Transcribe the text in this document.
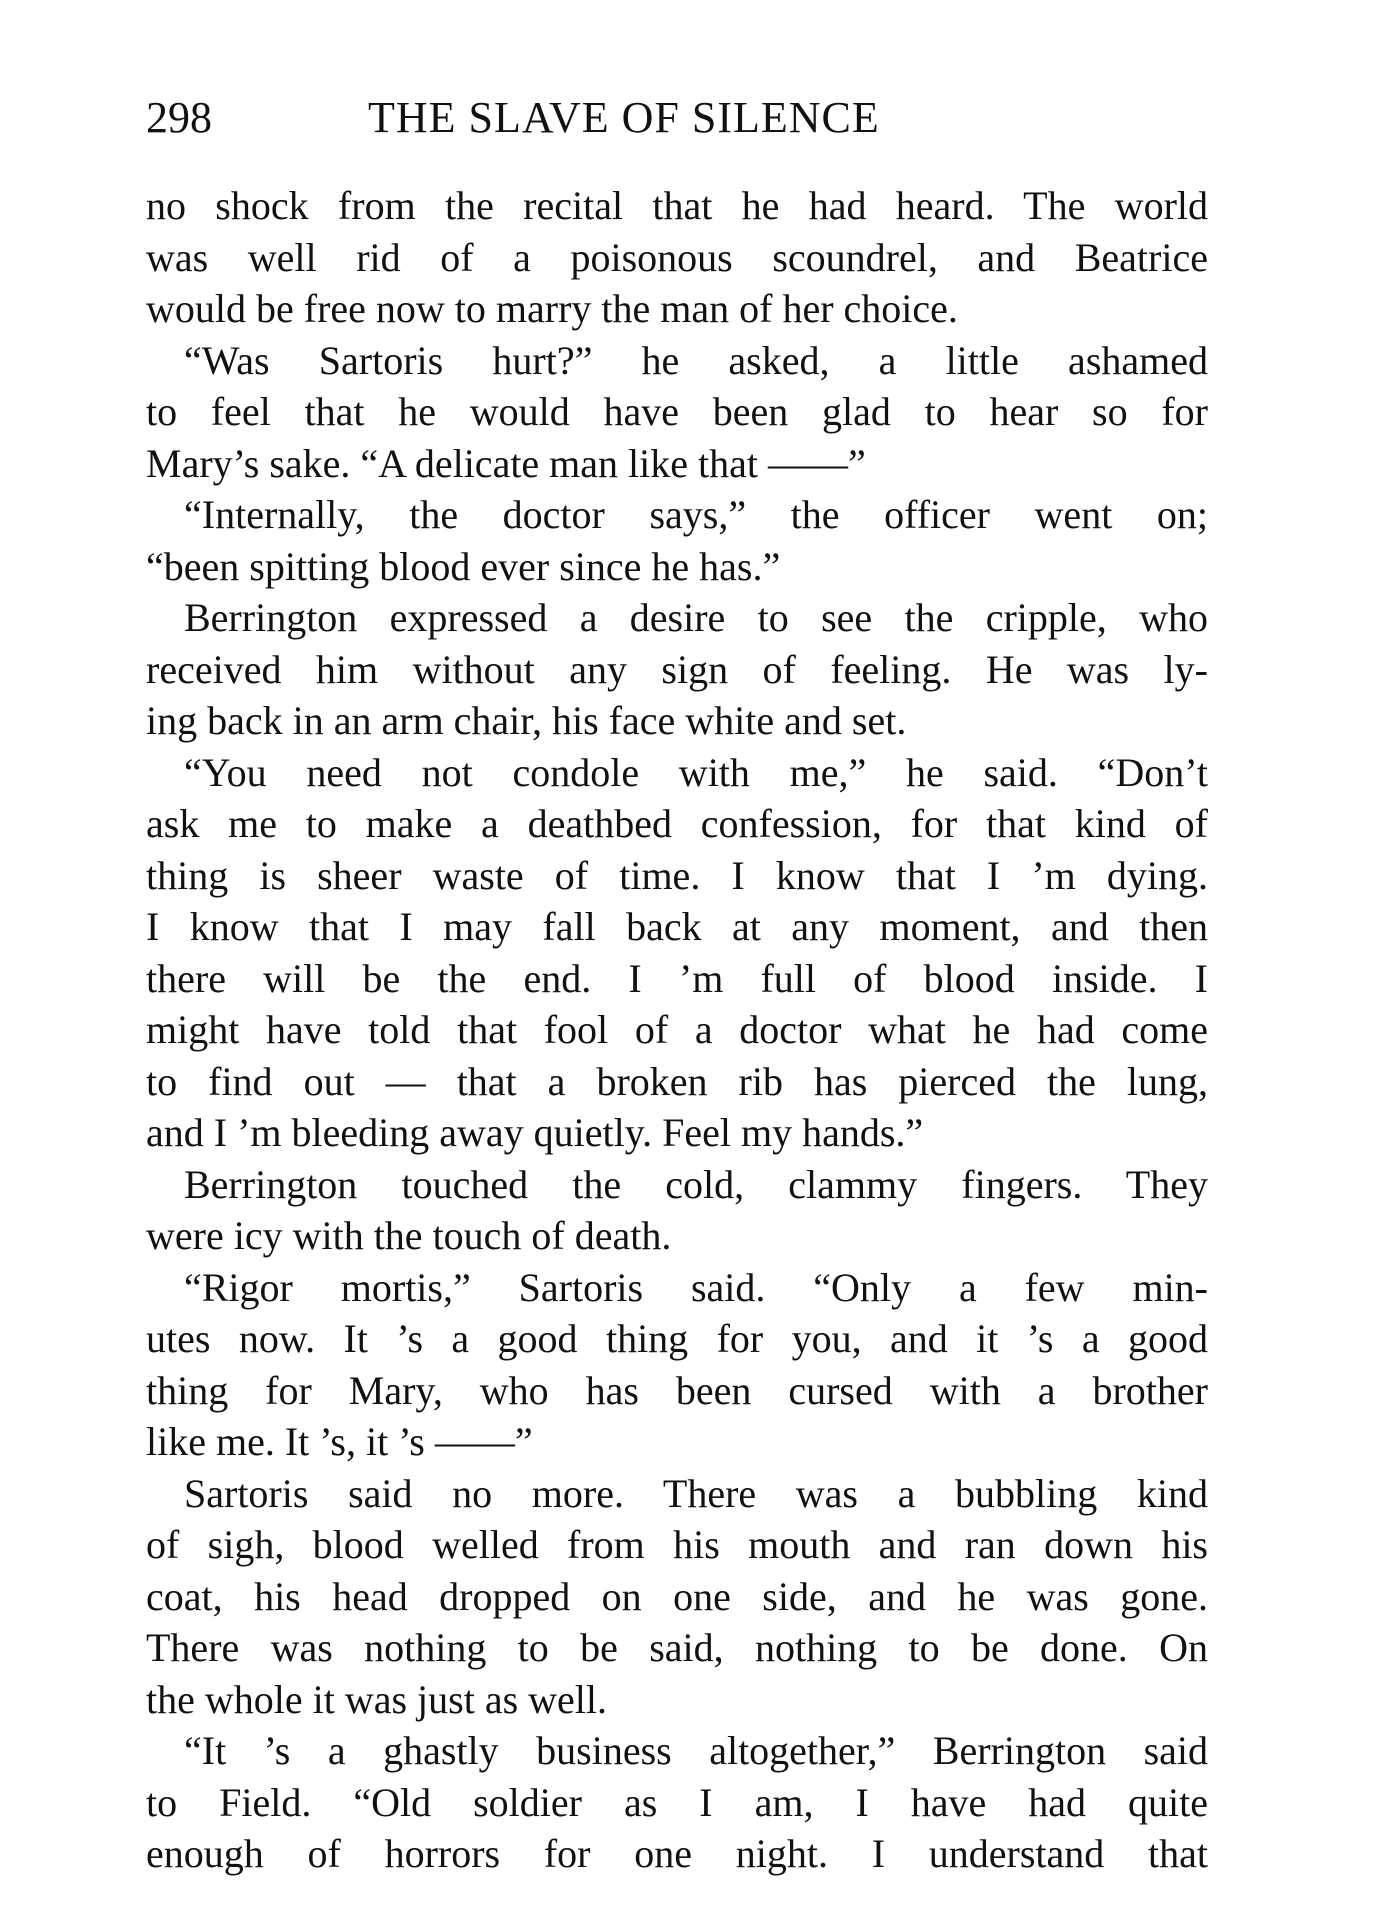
298	THE SLAVE OF SILENCE
no shock from the recital that he had heard. The world
was well rid of a poisonous scoundrel, and Beatrice
would be free now to marry the man of her choice.
“Was Sartoris hurt?” he asked, a little ashamed
to feel that he would have been glad to hear so for
Mary’s sake. “A delicate man like that ——”
“Internally, the doctor says,” the officer went on;
“been spitting blood ever since he has.”
Berrington expressed a desire to see the cripple, who
received him without any sign of feeling. He was ly-
ing back in an arm chair, his face white and set.
“You need not condole with me,” he said. “Don’t
ask me to make a deathbed confession, for that kind of
thing is sheer waste of time. I know that I ’m dying.
I know that I may fall back at any moment, and then
there will be the end. I ’m full of blood inside. I
might have told that fool of a doctor what he had come
to find out — that a broken rib has pierced the lung,
and I ’m bleeding away quietly. Feel my hands.”
Berrington touched the cold, clammy fingers. They
were icy with the touch of death.
“Rigor mortis,” Sartoris said. “Only a few min-
utes now. It ’s a good thing for you, and it ’s a good
thing for Mary, who has been cursed with a brother
like me. It ’s, it ’s ——”
Sartoris said no more. There was a bubbling kind
of sigh, blood welled from his mouth and ran down his
coat, his head dropped on one side, and he was gone.
There was nothing to be said, nothing to be done. On
the whole it was just as well.
“It ’s a ghastly business altogether,” Berrington said
to Field. “Old soldier as I am, I have had quite
enough of horrors for one night. I understand that
